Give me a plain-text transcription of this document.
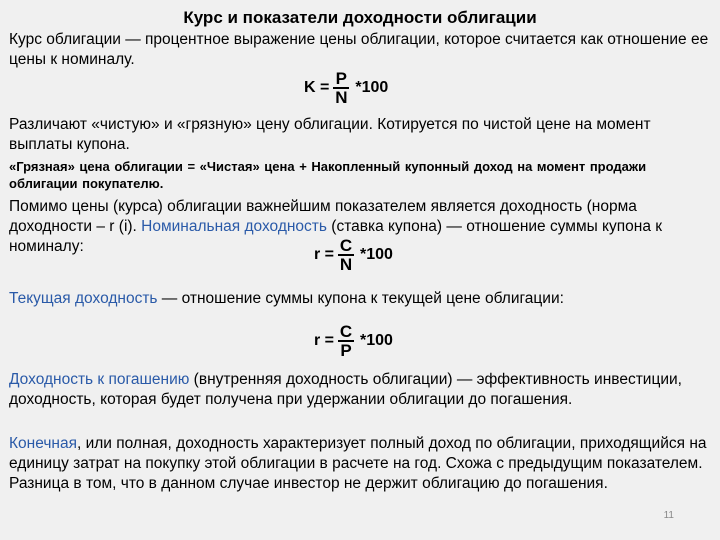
Курс и показатели доходности облигации

Курс облигации — процентное выражение цены облигации, которое считается как отношение ее цены к номиналу.

$K = \frac{P}{N} *100$

Различают «чистую» и «грязную» цену облигации. Котируется по чистой цене на момент выплаты купона.

«Грязная» цена облигации = «Чистая» цена + Накопленный купонный доход на момент продажи облигации покупателю.

Помимо цены (курса) облигации важнейшим показателем является доходность (норма доходности – r (i). Номинальная доходность (ставка купона) — отношение суммы купона к номиналу:	$r = \frac{C}{N} *100$

Текущая доходность — отношение суммы купона к текущей цене облигации:

$r = \frac{C}{P} *100$

Доходность к погашению (внутренняя доходность облигации) — эффективность инвестиции, доходность, которая будет получена при удержании облигации до погашения.

Конечная, или полная, доходность характеризует полный доход по облигации, приходящийся на единицу затрат на покупку этой облигации в расчете на год. Схожа с предыдущим показателем. Разница в том, что в данном случае инвестор не держит облигацию до погашения.

11
